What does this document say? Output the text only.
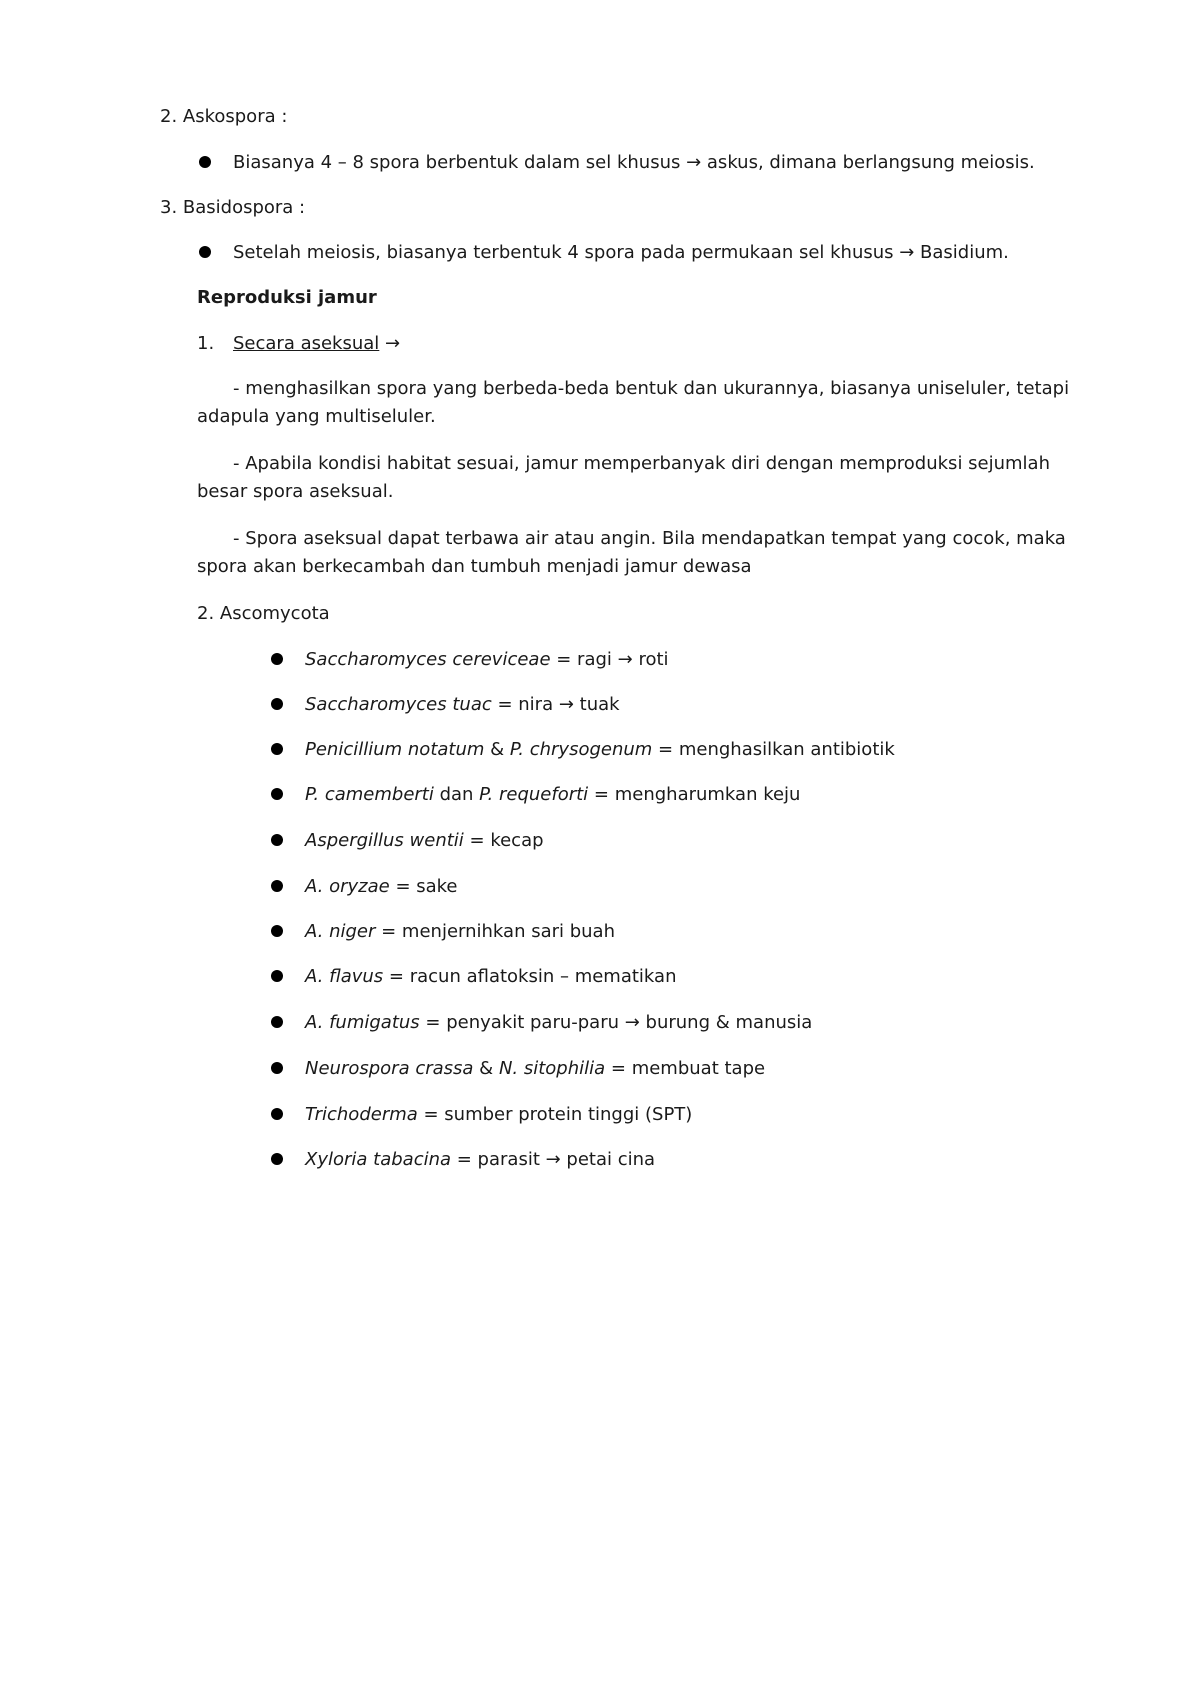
2. Askospora :
Biasanya 4 – 8 spora berbentuk dalam sel khusus → askus, dimana berlangsung meiosis.
3. Basidospora :
Setelah meiosis, biasanya terbentuk 4 spora pada permukaan sel khusus → Basidium.
Reproduksi jamur
1. Secara aseksual →
- menghasilkan spora yang berbeda-beda bentuk dan ukurannya, biasanya uniseluler, tetapi
adapula yang multiseluler.
- Apabila kondisi habitat sesuai, jamur memperbanyak diri dengan memproduksi sejumlah
besar spora aseksual.
- Spora aseksual dapat terbawa air atau angin. Bila mendapatkan tempat yang cocok, maka
spora akan berkecambah dan tumbuh menjadi jamur dewasa
2. Ascomycota
Saccharomyces cereviceae = ragi → roti
Saccharomyces tuac = nira → tuak
Penicillium notatum & P. chrysogenum = menghasilkan antibiotik
P. camemberti dan P. requeforti = mengharumkan keju
Aspergillus wentii = kecap
A. oryzae = sake
A. niger = menjernihkan sari buah
A. flavus = racun aflatoksin – mematikan
A. fumigatus = penyakit paru-paru → burung & manusia
Neurospora crassa & N. sitophilia = membuat tape
Trichoderma = sumber protein tinggi (SPT)
Xyloria tabacina = parasit → petai cina
